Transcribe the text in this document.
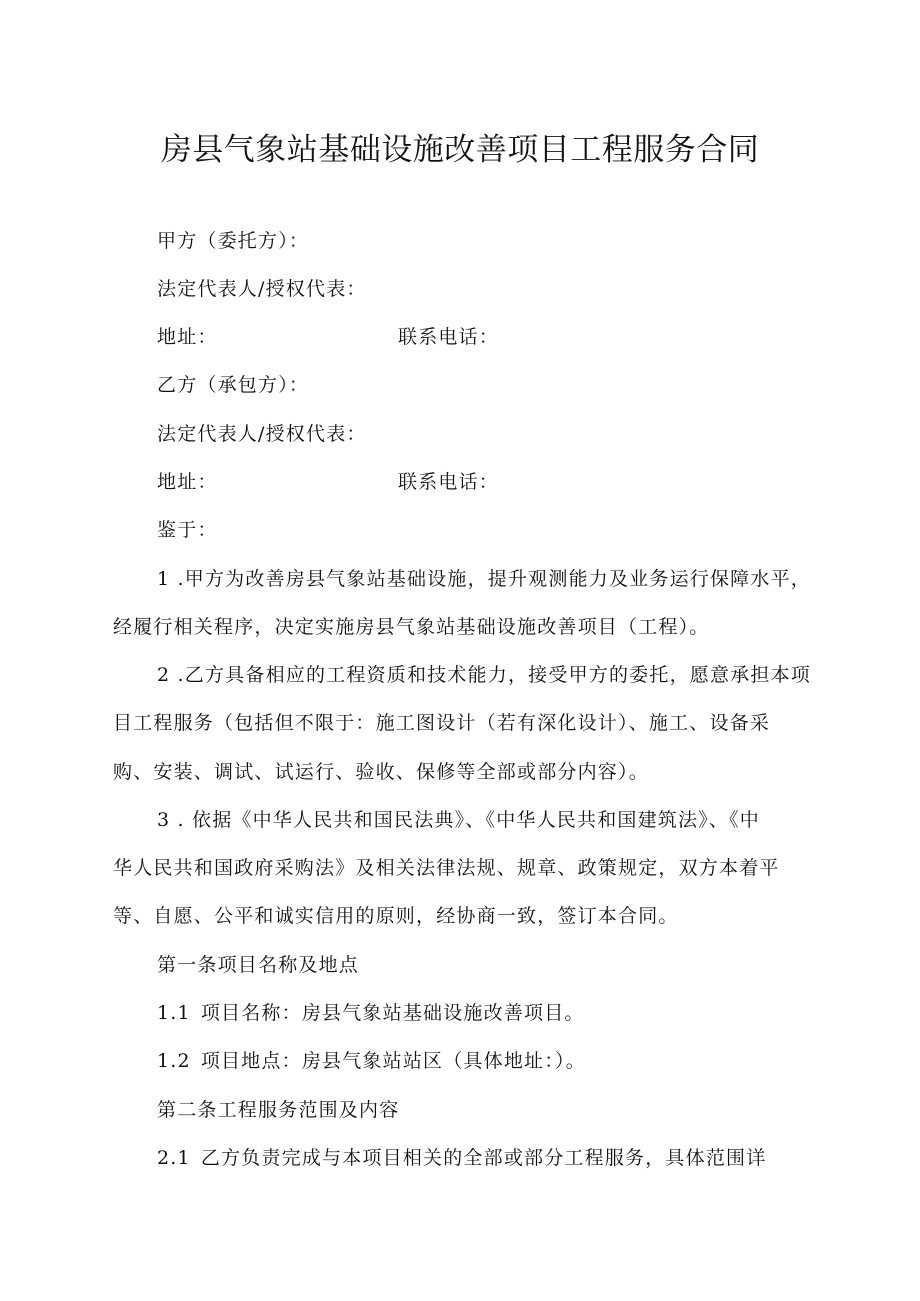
房县气象站基础设施改善项目工程服务合同
甲方（委托方）：
法定代表人/授权代表：
地址：	联系电话：
乙方（承包方）：
法定代表人/授权代表：
地址：	联系电话：
鉴于：
1 .甲方为改善房县气象站基础设施，提升观测能力及业务运行保障水平，
经履行相关程序，决定实施房县气象站基础设施改善项目（工程）。
2 .乙方具备相应的工程资质和技术能力，接受甲方的委托，愿意承担本项
目工程服务（包括但不限于：施工图设计（若有深化设计）、施工、设备采
购、安装、调试、试运行、验收、保修等全部或部分内容）。
3 . 依据《中华人民共和国民法典》、《中华人民共和国建筑法》、《中
华人民共和国政府采购法》及相关法律法规、规章、政策规定，双方本着平
等、自愿、公平和诚实信用的原则，经协商一致，签订本合同。
第一条项目名称及地点
1.1 项目名称：房县气象站基础设施改善项目。
1.2 项目地点：房县气象站站区（具体地址：）。
第二条工程服务范围及内容
2.1 乙方负责完成与本项目相关的全部或部分工程服务，具体范围详
